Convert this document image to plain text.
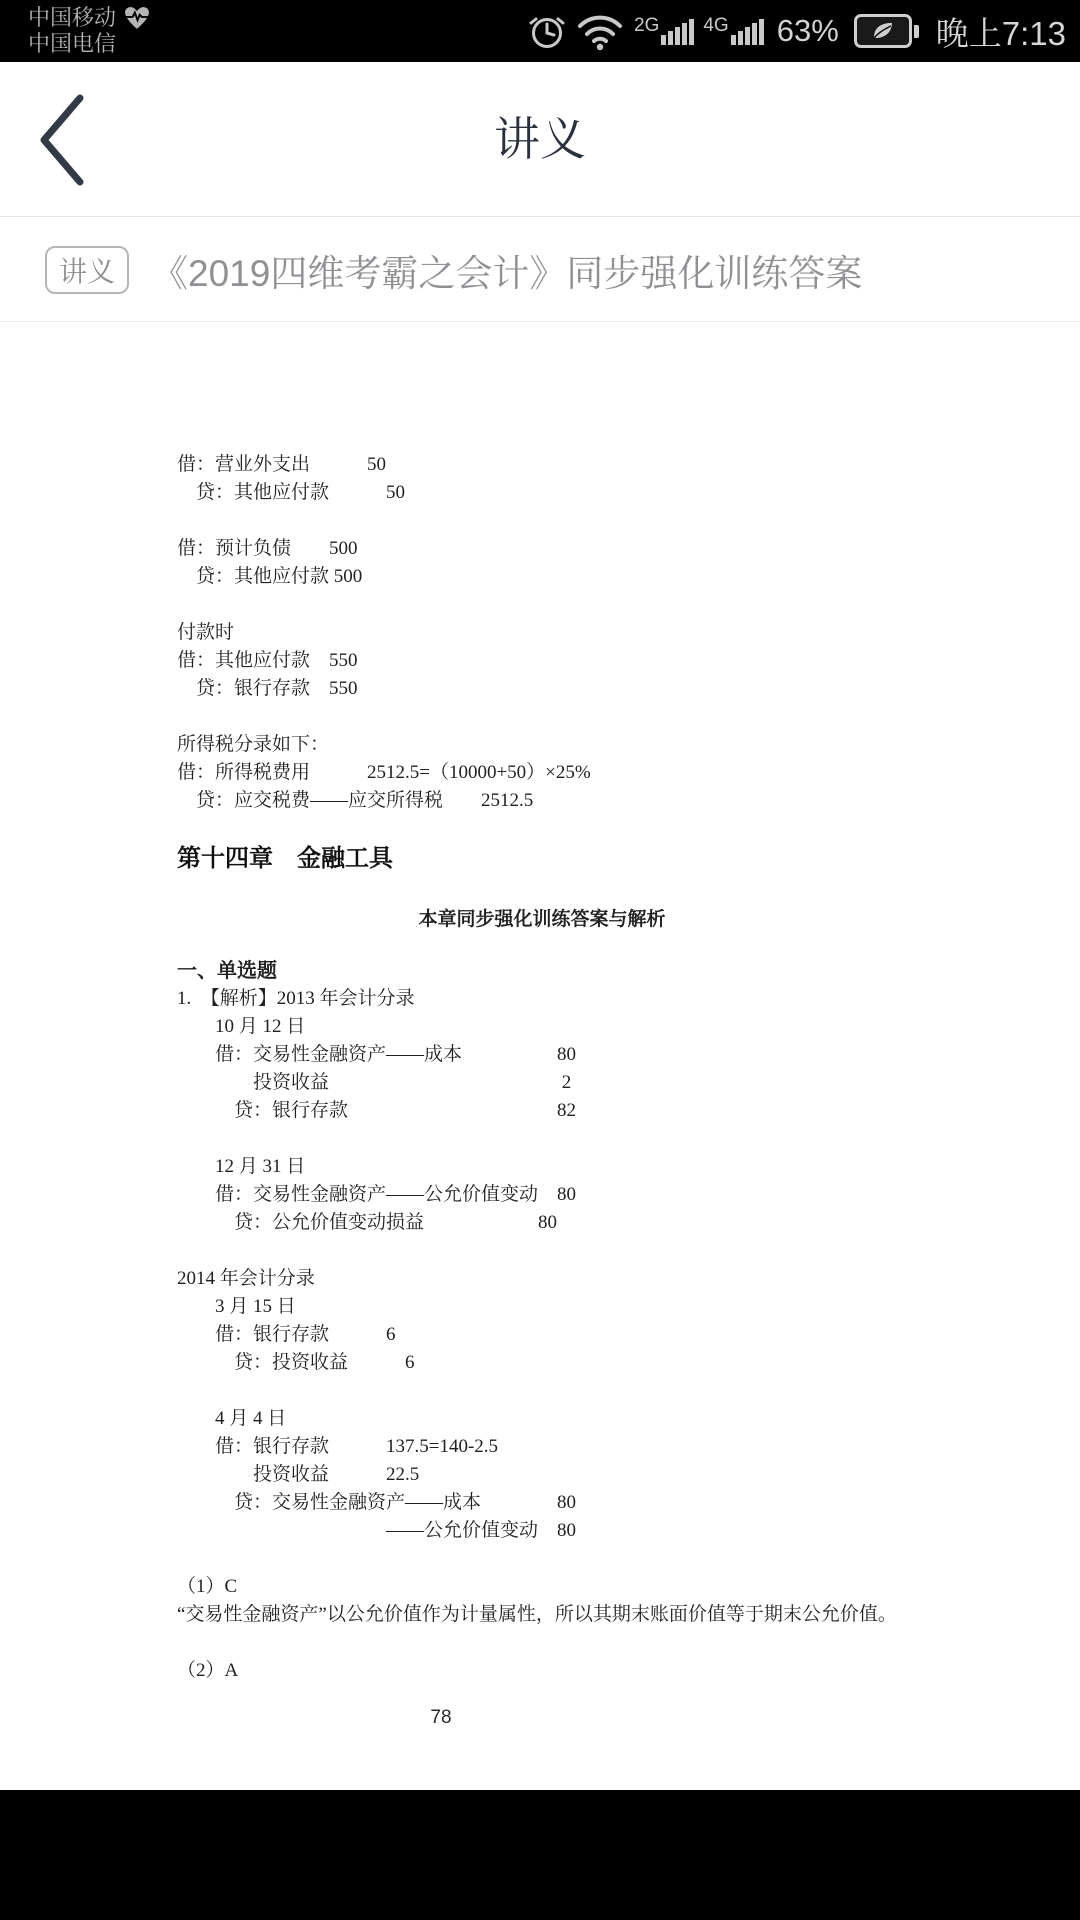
中国移动
中国电信
2G 4G 63%	晚上7:13
讲义
讲义 《2019四维考霸之会计》同步强化训练答案
借：营业外支出　　　50
　贷：其他应付款　　　50
借：预计负债　　500
　贷：其他应付款 500
付款时
借：其他应付款　550
　贷：银行存款　550
所得税分录如下：
借：所得税费用　　　2512.5=（10000+50）×25%
　贷：应交税费——应交所得税　　2512.5
第十四章　金融工具
本章同步强化训练答案与解析
一、单选题
1.　【解析】2013 年会计分录
　　10 月 12 日
　　借：交易性金融资产——成本　　　　　80
　　　　投资收益　　　　　　　　　　　　 2
　　　贷：银行存款　　　　　　　　　　　82
　　12 月 31 日
　　借：交易性金融资产——公允价值变动　80
　　　贷：公允价值变动损益　　　　　　80
2014 年会计分录
　　3 月 15 日
　　借：银行存款　　　6
　　　贷：投资收益　　　6
　　4 月 4 日
　　借：银行存款　　　137.5=140-2.5
　　　　投资收益　　　22.5
　　　贷：交易性金融资产——成本　　　　80
　　　　　　　　　　　——公允价值变动　80
（1）C
“交易性金融资产”以公允价值作为计量属性，所以其期末账面价值等于期末公允价值。
（2）A
78
